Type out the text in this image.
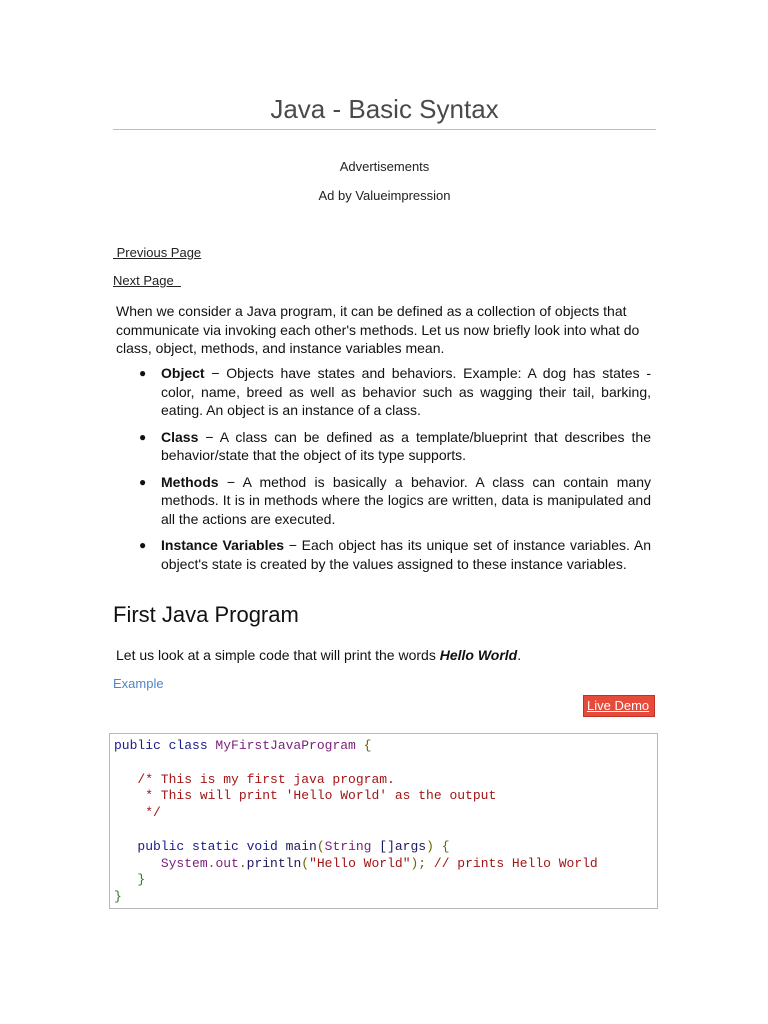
Java - Basic Syntax
Advertisements
Ad by Valueimpression
Previous Page
Next Page

When we consider a Java program, it can be defined as a collection of objects that communicate via invoking each other's methods. Let us now briefly look into what do class, object, methods, and instance variables mean.

● Object − Objects have states and behaviors. Example: A dog has states - color, name, breed as well as behavior such as wagging their tail, barking, eating. An object is an instance of a class.
● Class − A class can be defined as a template/blueprint that describes the behavior/state that the object of its type supports.
● Methods − A method is basically a behavior. A class can contain many methods. It is in methods where the logics are written, data is manipulated and all the actions are executed.
● Instance Variables − Each object has its unique set of instance variables. An object's state is created by the values assigned to these instance variables.
First Java Program

Let us look at a simple code that will print the words Hello World.

Example
Live Demo
public class MyFirstJavaProgram {

/* This is my first java program.
* This will print 'Hello World' as the output
*/

public static void main(String []args) {
System.out.println("Hello World"); // prints Hello World
}
}
